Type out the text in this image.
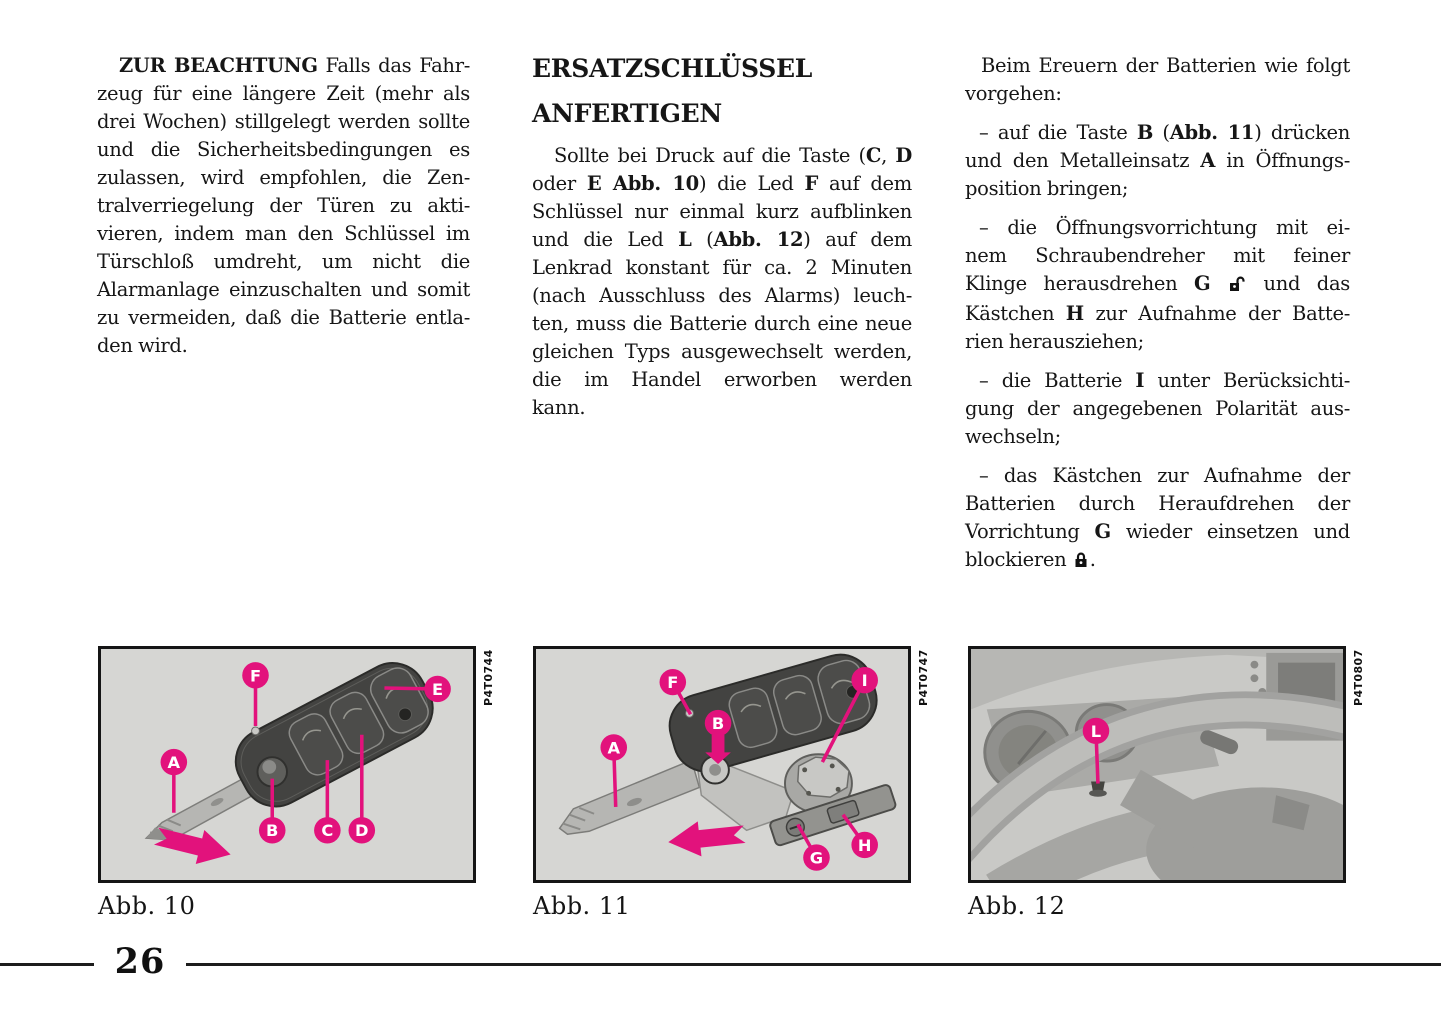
ZUR BEACHTUNG Falls das Fahr-
zeug für eine längere Zeit (mehr als
drei Wochen) stillgelegt werden sollte
und die Sicherheitsbedingungen es
zulassen, wird empfohlen, die Zen-
tralverriegelung der Türen zu akti-
vieren, indem man den Schlüssel im
Türschloß umdreht, um nicht die
Alarmanlage einzuschalten und somit
zu vermeiden, daß die Batterie entla-
den wird.
ERSATZSCHLÜSSEL
ANFERTIGEN
Sollte bei Druck auf die Taste (C, D
oder E Abb. 10) die Led F auf dem
Schlüssel nur einmal kurz aufblinken
und die Led L (Abb. 12) auf dem
Lenkrad konstant für ca. 2 Minuten
(nach Ausschluss des Alarms) leuch-
ten, muss die Batterie durch eine neue
gleichen Typs ausgewechselt werden,
die im Handel erworben werden
kann.
Beim Ereuern der Batterien wie folgt
vorgehen:
– auf die Taste B (Abb. 11) drücken
und den Metalleinsatz A in Öffnungs-
position bringen;
– die Öffnungsvorrichtung mit ei-
nem Schraubendreher mit feiner
Klinge herausdrehen G  und das
Kästchen H zur Aufnahme der Batte-
rien herausziehen;
– die Batterie I unter Berücksichti-
gung der angegebenen Polarität aus-
wechseln;
– das Kästchen zur Aufnahme der
Batterien durch Heraufdrehen der
Vorrichtung G wieder einsetzen und
blockieren .
A
B	C D
E
F	P4T0744
Abb. 10
A
F
B
I
G
H
P4T0747
Abb. 11
L
P4T0807
Abb. 12
26
